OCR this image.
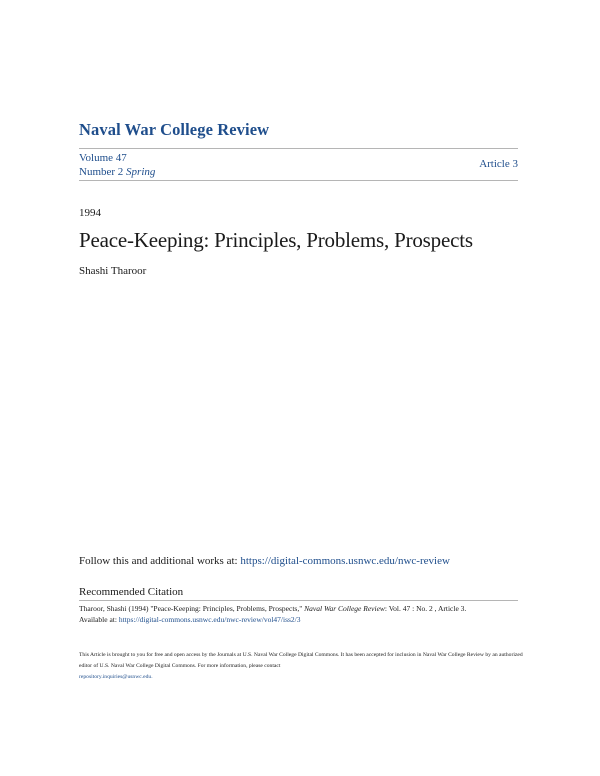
Naval War College Review
Volume 47
Number 2 Spring
Article 3
1994
Peace-Keeping: Principles, Problems, Prospects
Shashi Tharoor
Follow this and additional works at: https://digital-commons.usnwc.edu/nwc-review
Recommended Citation
Tharoor, Shashi (1994) "Peace-Keeping: Principles, Problems, Prospects," Naval War College Review: Vol. 47 : No. 2 , Article 3.
Available at: https://digital-commons.usnwc.edu/nwc-review/vol47/iss2/3
This Article is brought to you for free and open access by the Journals at U.S. Naval War College Digital Commons. It has been accepted for inclusion in Naval War College Review by an authorized editor of U.S. Naval War College Digital Commons. For more information, please contact
repository.inquiries@usnwc.edu.
